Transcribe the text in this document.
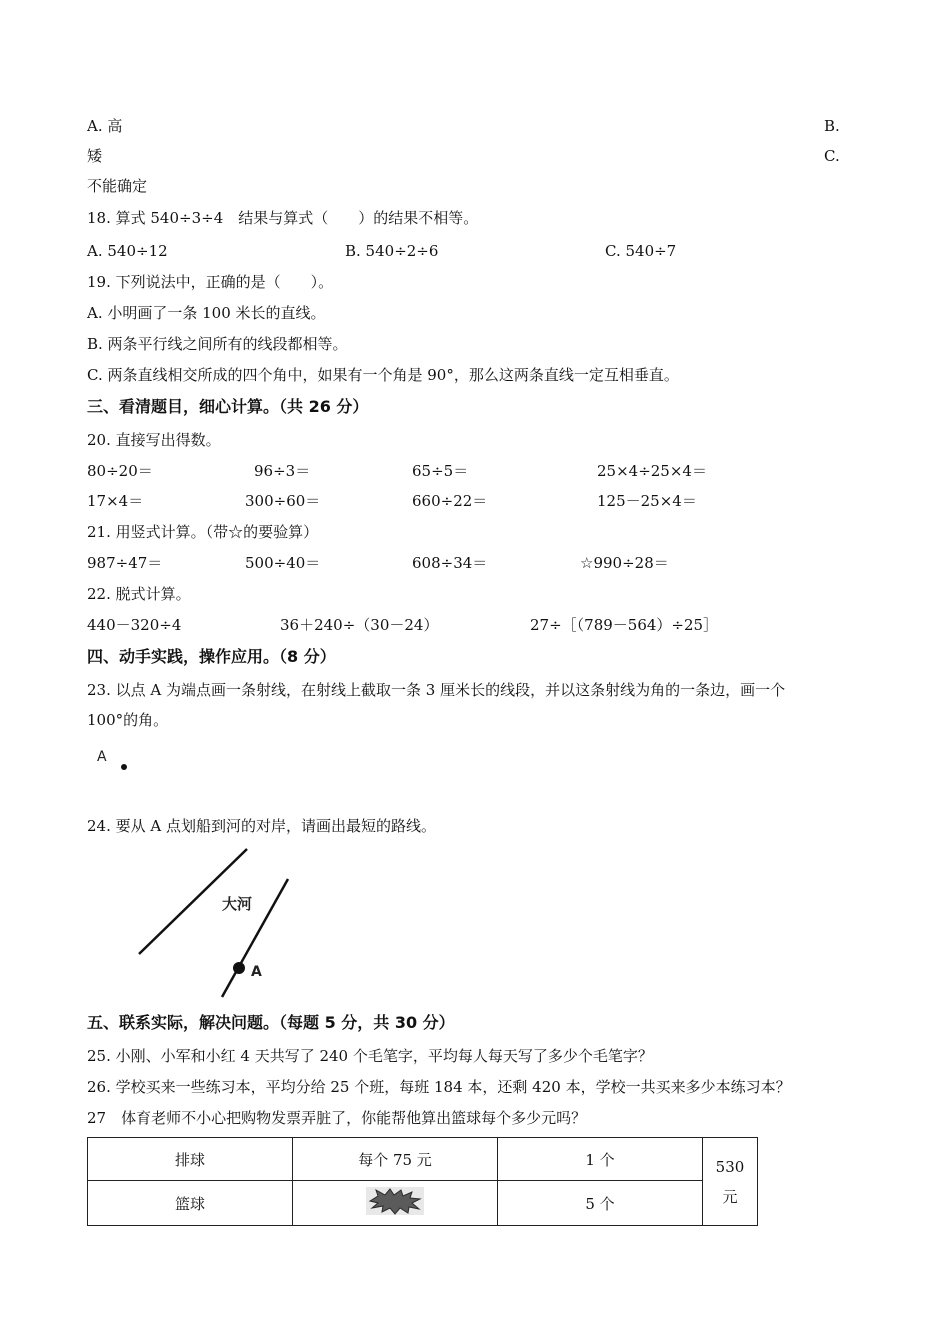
A. 高	B.
矮	C.
不能确定
18. 算式 540÷3÷4　结果与算式（　　）的结果不相等。
A. 540÷12	B. 540÷2÷6	C. 540÷7
19. 下列说法中，正确的是（　　）。
A. 小明画了一条 100 米长的直线。
B. 两条平行线之间所有的线段都相等。
C. 两条直线相交所成的四个角中，如果有一个角是 90°，那么这两条直线一定互相垂直。
三、看清题目，细心计算。（共 26 分）
20. 直接写出得数。
80÷20＝	96÷3＝	65÷5＝	25×4÷25×4＝
17×4＝	300÷60＝	660÷22＝	125－25×4＝
21. 用竖式计算。（带☆的要验算）
987÷47＝	500÷40＝	608÷34＝	☆990÷28＝
22. 脱式计算。
440－320÷4	36＋240÷（30－24）	27÷［（789－564）÷25］
四、动手实践，操作应用。（8 分）
23. 以点 A 为端点画一条射线，在射线上截取一条 3 厘米长的线段，并以这条射线为角的一条边，画一个
100°的角。
A
24. 要从 A 点划船到河的对岸，请画出最短的路线。
大河
A
五、联系实际，解决问题。（每题 5 分，共 30 分）
25. 小刚、小军和小红 4 天共写了 240 个毛笔字，平均每人每天写了多少个毛笔字？
26. 学校买来一些练习本，平均分给 25 个班，每班 184 本，还剩 420 本，学校一共买来多少本练习本？
27　体育老师不小心把购物发票弄脏了，你能帮他算出篮球每个多少元吗？
排球	每个 75 元	1 个	530
元

篮球		5 个	
